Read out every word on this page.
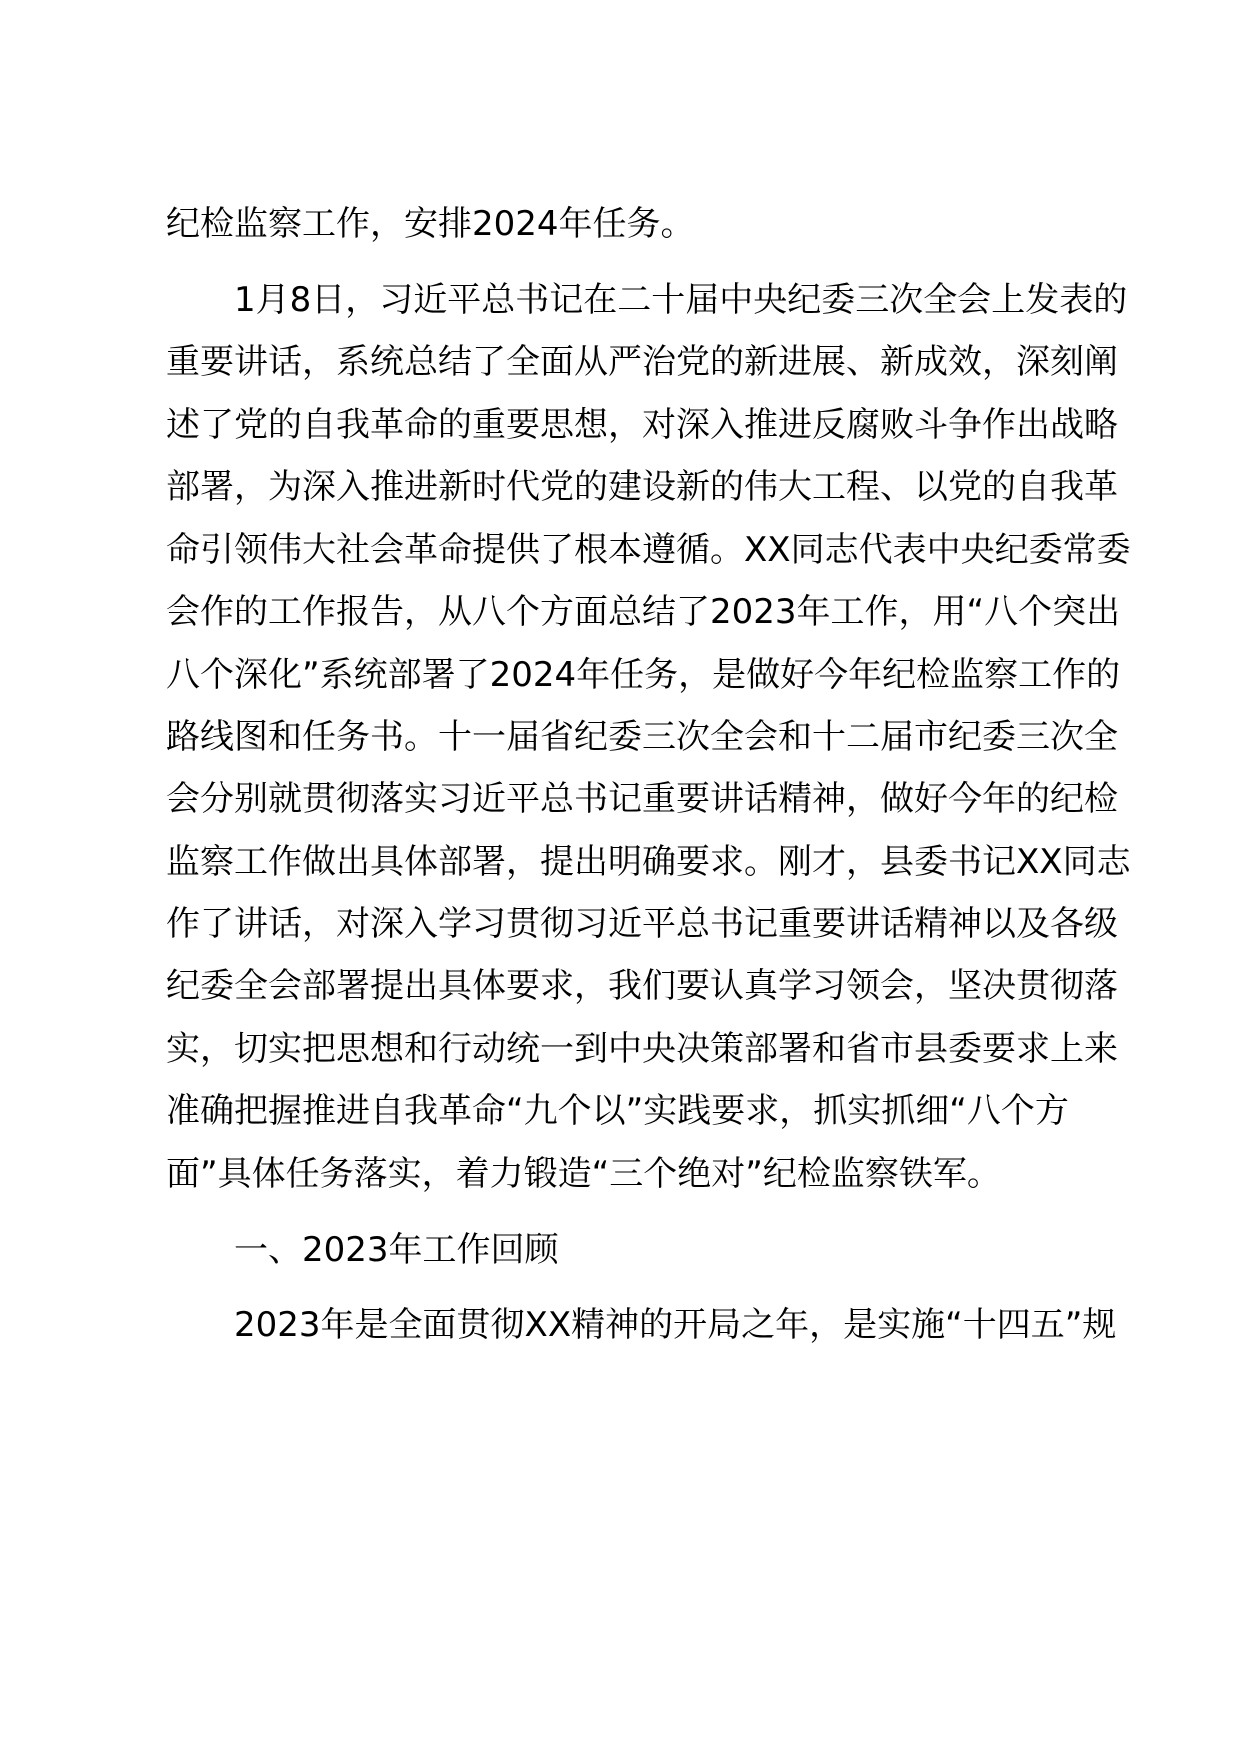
纪检监察工作，安排2024年任务。
1月8日，习近平总书记在二十届中央纪委三次全会上发表的
重要讲话，系统总结了全面从严治党的新进展、新成效，深刻阐
述了党的自我革命的重要思想，对深入推进反腐败斗争作出战略
部署，为深入推进新时代党的建设新的伟大工程、以党的自我革
命引领伟大社会革命提供了根本遵循。XX同志代表中央纪委常委
会作的工作报告，从八个方面总结了2023年工作，用“八个突出
八个深化”系统部署了2024年任务，是做好今年纪检监察工作的
路线图和任务书。十一届省纪委三次全会和十二届市纪委三次全
会分别就贯彻落实习近平总书记重要讲话精神，做好今年的纪检
监察工作做出具体部署，提出明确要求。刚才，县委书记XX同志
作了讲话，对深入学习贯彻习近平总书记重要讲话精神以及各级
纪委全会部署提出具体要求，我们要认真学习领会，坚决贯彻落
实，切实把思想和行动统一到中央决策部署和省市县委要求上来
准确把握推进自我革命“九个以”实践要求，抓实抓细“八个方
面”具体任务落实，着力锻造“三个绝对”纪检监察铁军。
一、2023年工作回顾
2023年是全面贯彻XX精神的开局之年，是实施“十四五”规
